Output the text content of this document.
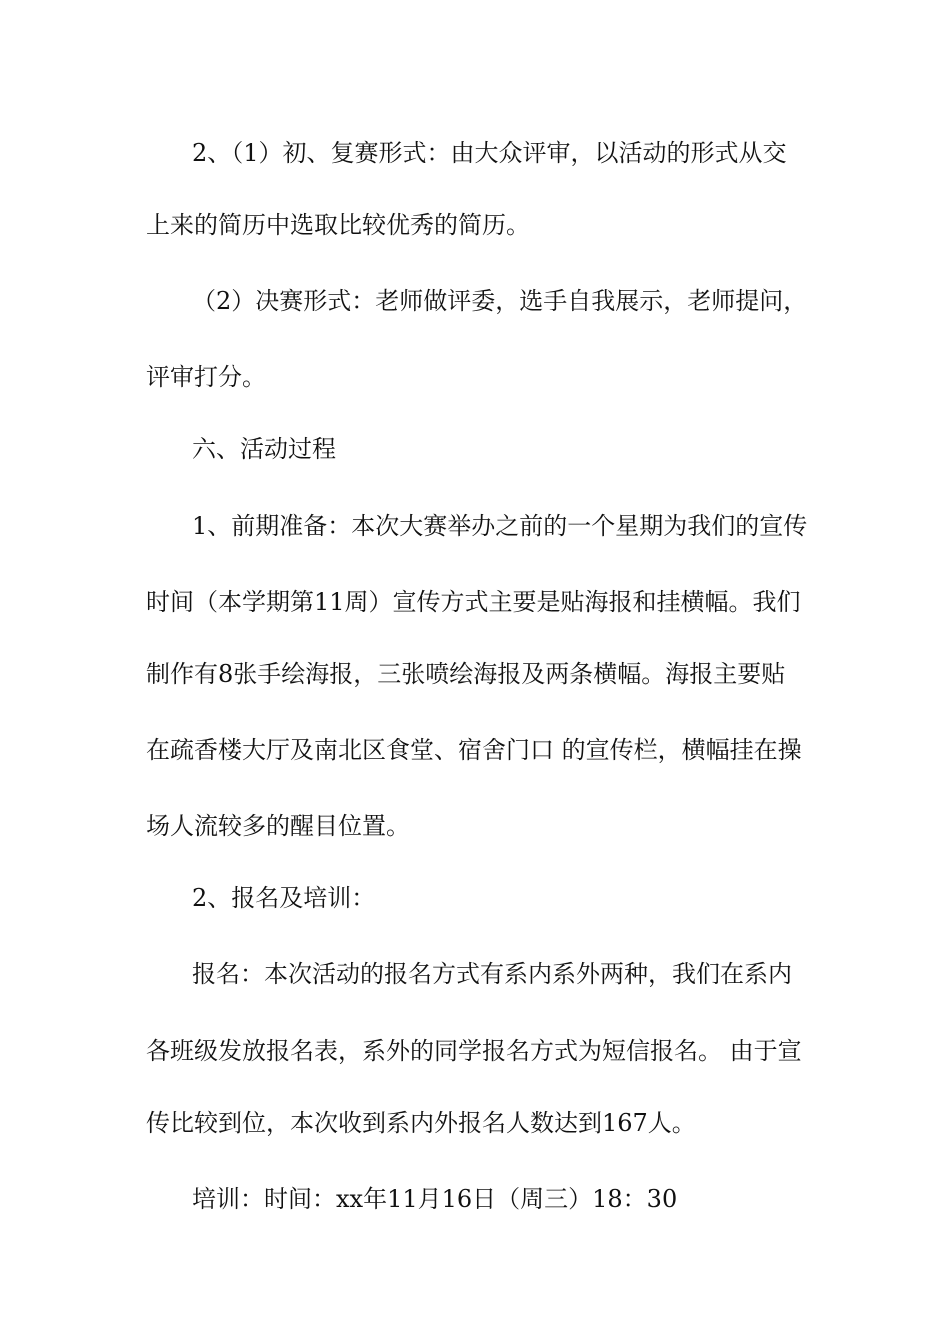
2、（1）初、复赛形式：由大众评审，以活动的形式从交
上来的简历中选取比较优秀的简历。
（2）决赛形式：老师做评委，选手自我展示，老师提问，
评审打分。
六、活动过程
1、前期准备：本次大赛举办之前的一个星期为我们的宣传
时间（本学期第11周）宣传方式主要是贴海报和挂横幅。我们
制作有8张手绘海报，三张喷绘海报及两条横幅。海报主要贴
在疏香楼大厅及南北区食堂、宿舍门口 的宣传栏，横幅挂在操
场人流较多的醒目位置。
2、报名及培训：
报名：本次活动的报名方式有系内系外两种，我们在系内
各班级发放报名表，系外的同学报名方式为短信报名。 由于宣
传比较到位，本次收到系内外报名人数达到167人。
培训：时间：xx年11月16日（周三）18：30
